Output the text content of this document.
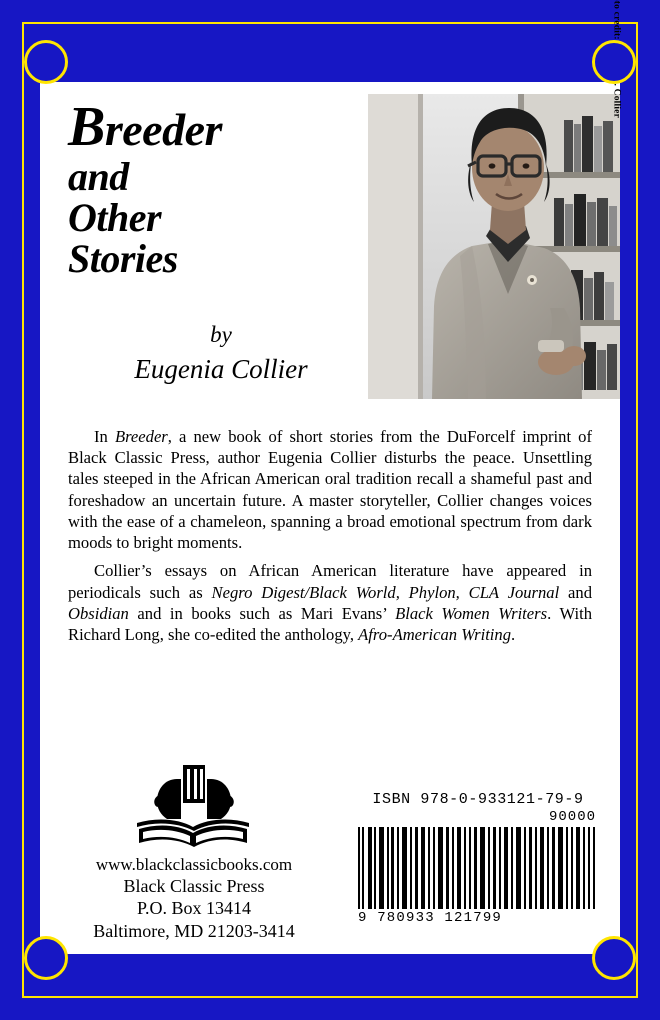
Breeder
and
Other
Stories
by
Eugenia Collier

In Breeder, a new book of short stories from the DuForcelf imprint of Black Classic Press, author Eugenia Collier disturbs the peace. Unsettling tales steeped in the African American oral tradition recall a shameful past and foreshadow an uncertain future. A master storyteller, Collier changes voices with the ease of a chameleon, spanning a broad emotional spectrum from dark moods to bright moments.

Collier’s essays on African American literature have appeared in periodicals such as Negro Digest/Black World, Phylon, CLA Journal and Obsidian and in books such as Mari Evans’ Black Women Writers. With Richard Long, she co-edited the anthology, Afro-American Writing.

www.blackclassicbooks.com
Black Classic Press
P.O. Box 13414
Baltimore, MD 21203-3414
ISBN 978-0-933121-79-9
90000
9 780933 121799
